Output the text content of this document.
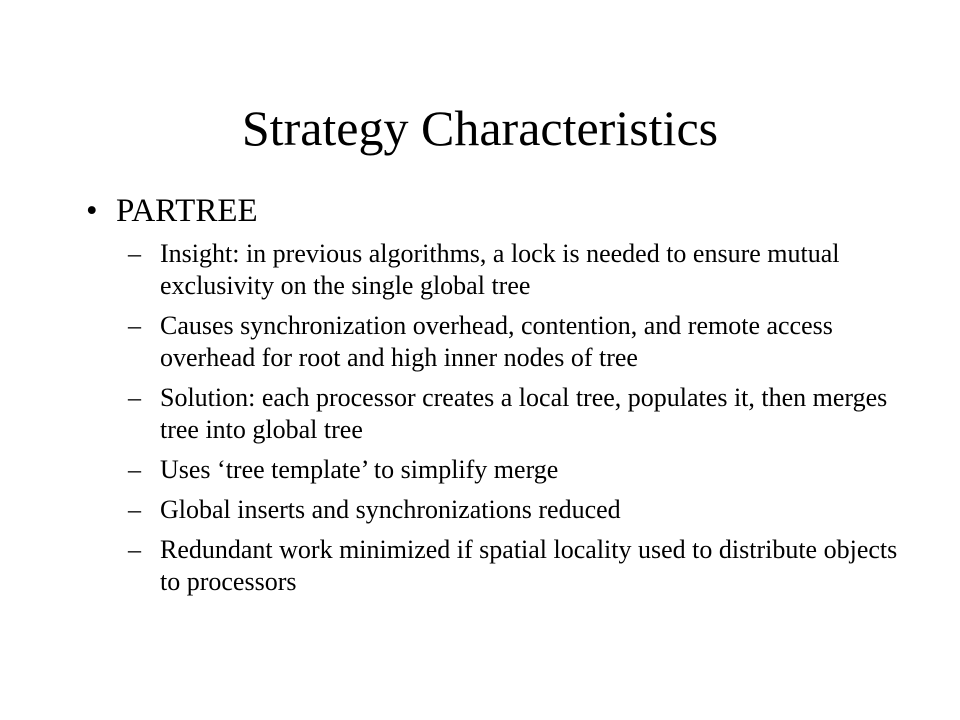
Strategy Characteristics
• PARTREE
– Insight: in previous algorithms, a lock is needed to ensure mutual exclusivity on the single global tree
– Causes synchronization overhead, contention, and remote access overhead for root and high inner nodes of tree
– Solution: each processor creates a local tree, populates it, then merges tree into global tree
– Uses ‘tree template’ to simplify merge
– Global inserts and synchronizations reduced
– Redundant work minimized if spatial locality used to distribute objects to processors
